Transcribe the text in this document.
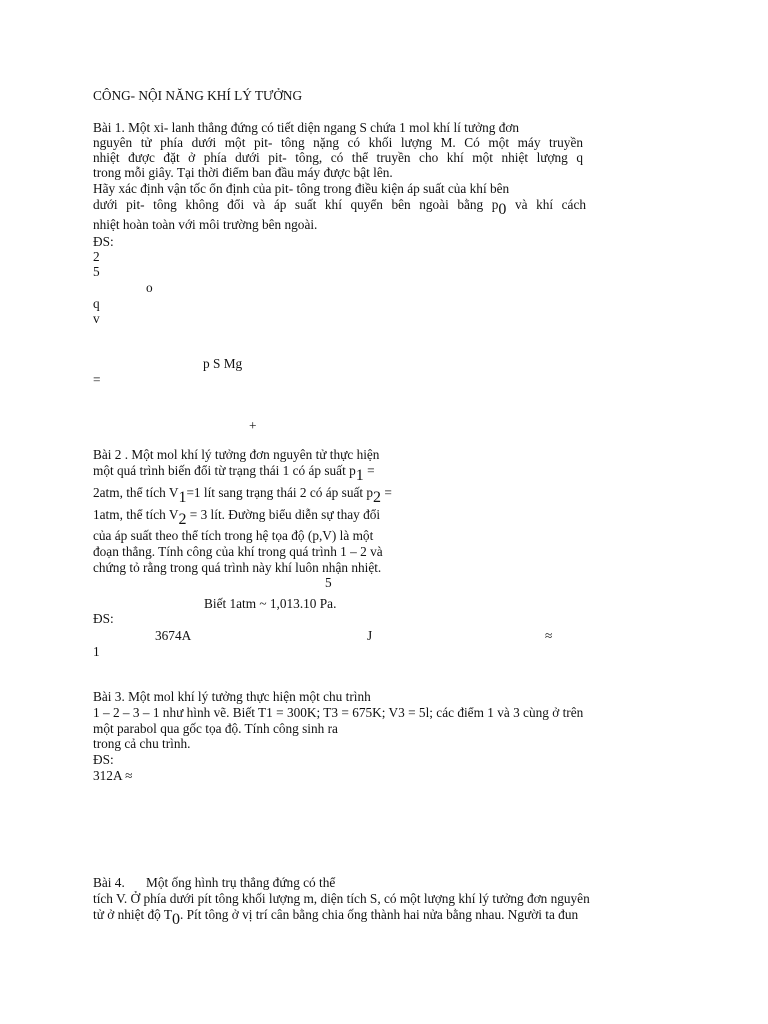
CÔNG- NỘI NĂNG KHÍ LÝ TƯỞNG
Bài 1. Một xi- lanh thẳng đứng có tiết diện ngang S chứa 1 mol khí lí tưởng đơn
nguyên tử phía dưới một pit- tông nặng có khối lượng M. Có một máy truyền
nhiệt được đặt ở phía dưới pit- tông, có thể truyền cho khí một nhiệt lượng q
trong mỗi giây. Tại thời điểm ban đầu máy được bật lên.
Hãy xác định vận tốc ổn định của pit- tông trong điều kiện áp suất của khí bên
dưới pit- tông không đổi và áp suất khí quyển bên ngoài bằng p0 và khí cách
nhiệt hoàn toàn với môi trường bên ngoài.
ĐS:
2
5
o
q
v
p S Mg
=
+
Bài 2 . Một mol khí lý tưởng đơn nguyên tử thực hiện
một quá trình biến đổi từ trạng thái 1 có áp suất p1 =
2atm, thể tích V1=1 lít sang trạng thái 2 có áp suất p2 =
1atm, thể tích V2 = 3 lít. Đường biểu diễn sự thay đổi
của áp suất theo thể tích trong hệ tọa độ (p,V) là một
đoạn thẳng. Tính công của khí trong quá trình 1 – 2 và
chứng tỏ rằng trong quá trình này khí luôn nhận nhiệt.
5
Biết 1atm ~ 1,013.10 Pa.
ĐS:
3674A	J	≈
1
Bài 3. Một mol khí lý tưởng thực hiện một chu trình
1 – 2 – 3 – 1 như hình vẽ. Biết T1 = 300K; T3 = 675K; V3 = 5l; các điểm 1 và 3 cùng ở trên
một parabol qua gốc tọa độ. Tính công sinh ra
trong cả chu trình.
ĐS:
312A ≈
Bài 4. Một ống hình trụ thẳng đứng có thể
tích V. Ở phía dưới pít tông khối lượng m, diện tích S, có một lượng khí lý tưởng đơn nguyên
tử ở nhiệt độ T0. Pít tông ở vị trí cân bằng chia ống thành hai nửa bằng nhau. Người ta đun
